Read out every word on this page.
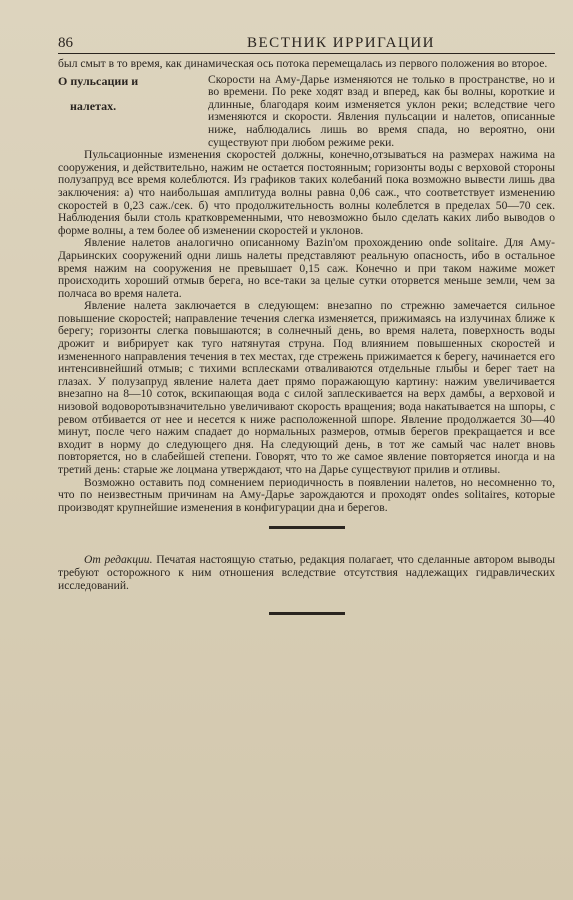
86	ВЕСТНИК ИРРИГАЦИИ

был смыт в то время, как динамическая ось потока перемещалась из первого положения во второе.

О пульсации и
налетах.
Скорости на Аму-Дарье изменяются не только в пространстве, но и во времени. По реке ходят взад и вперед, как бы волны, короткие и длинные, благодаря коим изменяется уклон реки; вследствие чего изменяются и скорости. Явления пульсации и налетов, описанные ниже, наблюдались лишь во время спада, но вероятно, они существуют при любом режиме реки.

Пульсационные изменения скоростей должны, конечно,отзываться на размерах нажима на сооружения, и действительно, нажим не остается постоянным; горизонты воды с верховой стороны полузапруд все время колеблются. Из графиков таких колебаний пока возможно вывести лишь два заключения: а) что наибольшая амплитуда волны равна 0,06 саж., что соответствует изменению скоростей в 0,23 саж./сек. б) что продолжительность волны колеблется в пределах 50—70 сек. Наблюдения были столь кратковременными, что невозможно было сделать каких либо выводов о форме волны, а тем более об изменении скоростей и уклонов.

Явление налетов аналогично описанному Bazin'ом прохождению onde solitaire. Для Аму-Дарьинских сооружений одни лишь налеты представляют реальную опасность, ибо в остальное время нажим на сооружения не превышает 0,15 саж. Конечно и при таком нажиме может происходить хороший отмыв берега, но все-таки за целые сутки оторвется меньше земли, чем за полчаса во время налета.

Явление налета заключается в следующем: внезапно по стрежню замечается сильное повышение скоростей; направление течения слегка изменяется, прижимаясь на излучинах ближе к берегу; горизонты слегка повышаются; в солнечный день, во время налета, поверхность воды дрожит и вибрирует как туго натянутая струна. Под влиянием повышенных скоростей и измененного направления течения в тех местах, где стрежень прижимается к берегу, начинается его интенсивнейший отмыв; с тихими всплесками отваливаются отдельные глыбы и берег тает на глазах. У полузапруд явление налета дает прямо поражающую картину: нажим увеличивается внезапно на 8—10 соток, вскипающая вода с силой заплескивается на верх дамбы, а верховой и низовой водоворотывзначительно увеличивают скорость вращения; вода накатывается на шпоры, с ревом отбивается от нее и несется к ниже расположенной шпоре. Явление продолжается 30—40 минут, после чего нажим спадает до нормальных размеров, отмыв берегов прекращается и все входит в норму до следующего дня. На следующий день, в тот же самый час налет вновь повторяется, но в слабейшей степени. Говорят, что то же самое явление повторяется иногда и на третий день: старые же лоцмана утверждают, что на Дарье существуют прилив и отливы.

Возможно оставить под сомнением периодичность в появлении налетов, но несомненно то, что по неизвестным причинам на Аму-Дарье зарождаются и проходят ondes solitaires, которые производят крупнейшие изменения в конфигурации дна и берегов.

От редакции. Печатая настоящую статью, редакция полагает, что сделанные автором выводы требуют осторожного к ним отношения вследствие отсутствия надлежащих гидравлических исследований.
